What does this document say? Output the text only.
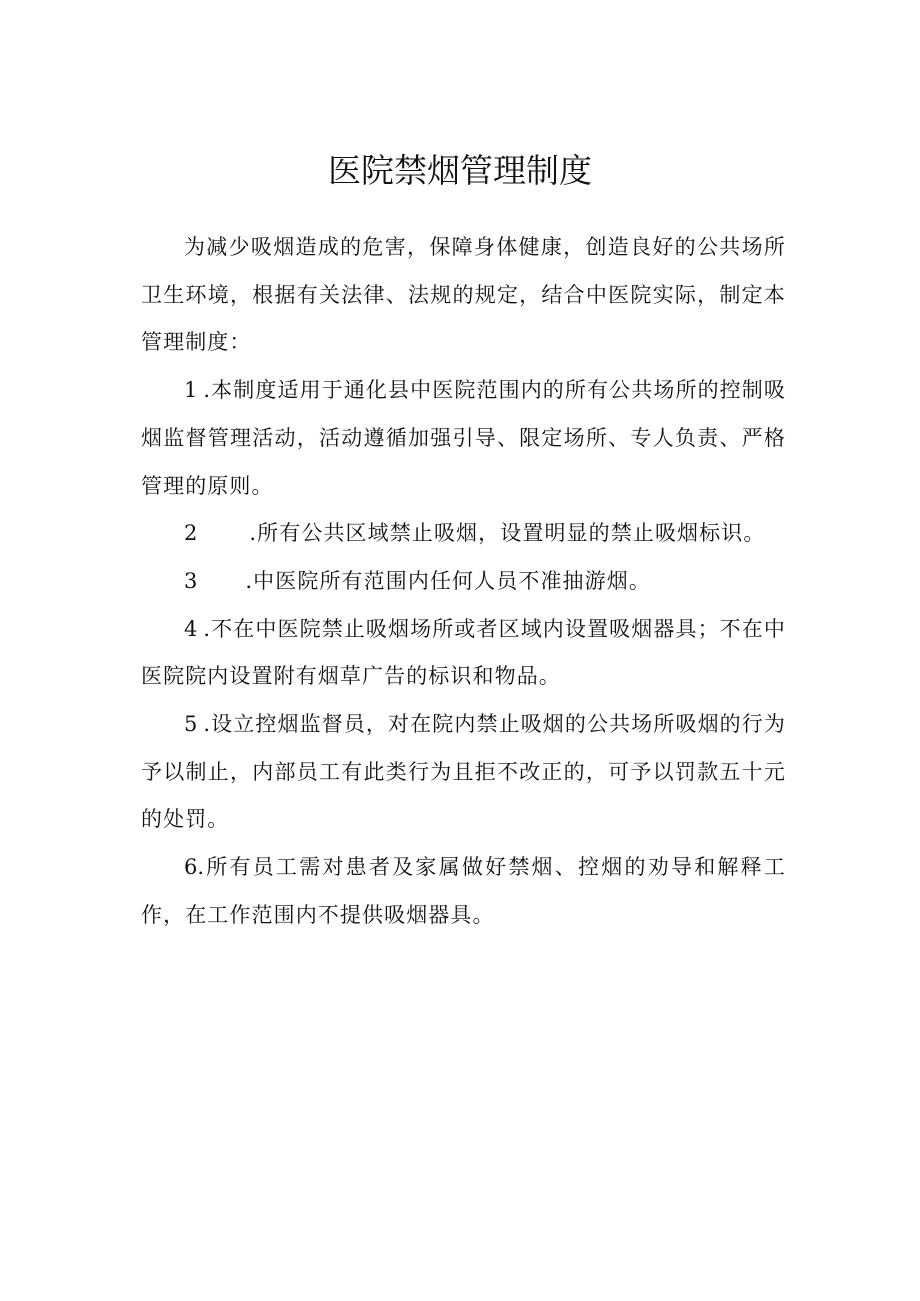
医院禁烟管理制度

为减少吸烟造成的危害，保障身体健康，创造良好的公共场所卫生环境，根据有关法律、法规的规定，结合中医院实际，制定本管理制度：

1 .本制度适用于通化县中医院范围内的所有公共场所的控制吸烟监督管理活动，活动遵循加强引导、限定场所、专人负责、严格管理的原则。

2 .所有公共区域禁止吸烟，设置明显的禁止吸烟标识。

3 .中医院所有范围内任何人员不准抽游烟。

4 .不在中医院禁止吸烟场所或者区域内设置吸烟器具；不在中医院院内设置附有烟草广告的标识和物品。

5 .设立控烟监督员，对在院内禁止吸烟的公共场所吸烟的行为予以制止，内部员工有此类行为且拒不改正的，可予以罚款五十元的处罚。

6.所有员工需对患者及家属做好禁烟、控烟的劝导和解释工作，在工作范围内不提供吸烟器具。
